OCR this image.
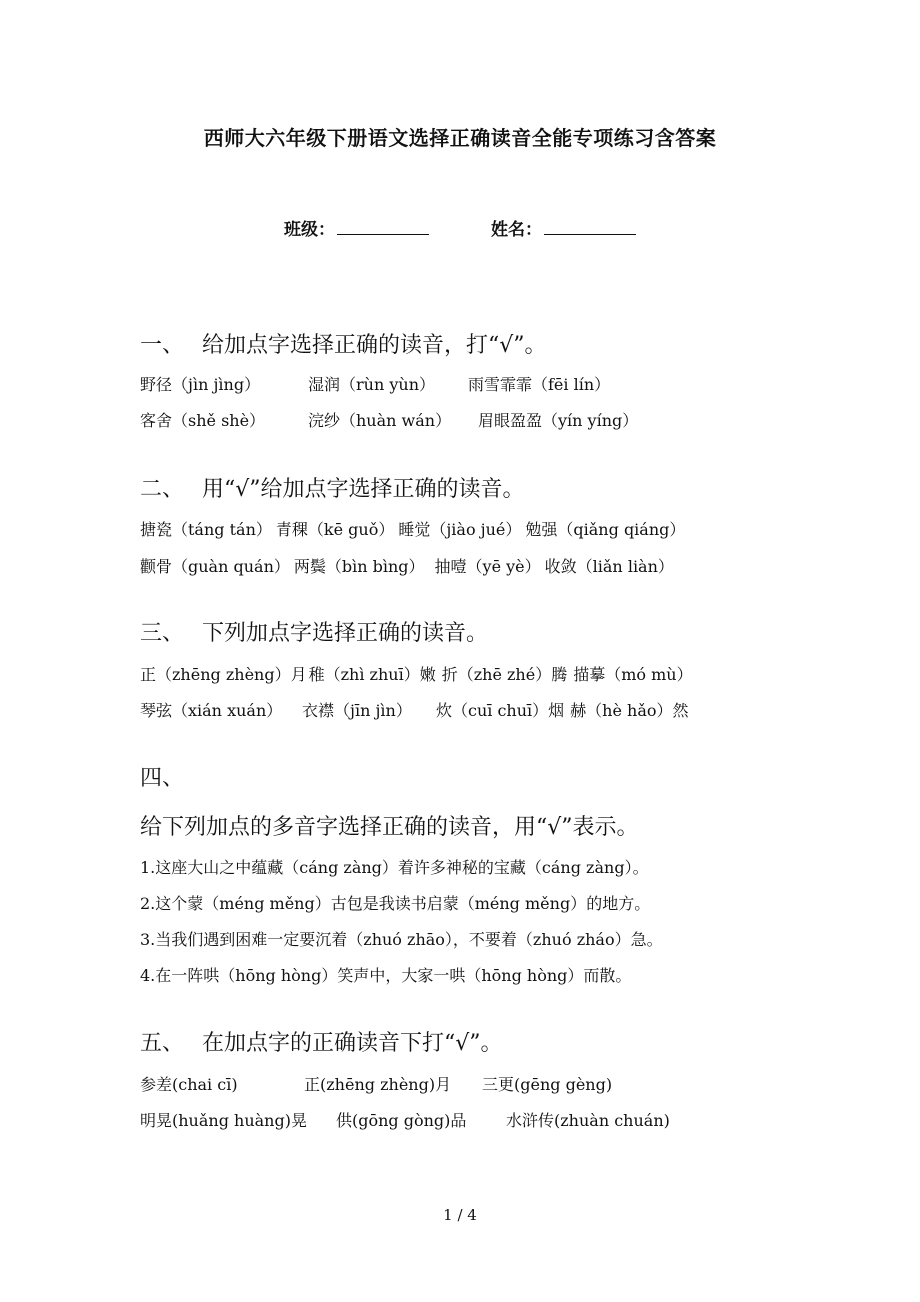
西师大六年级下册语文选择正确读音全能专项练习含答案
班级：	姓名：
一、 给加点字选择正确的读音，打“√”。
野径（jìn jìng）	湿润（rùn yùn） 雨雪霏霏（fēi lín）
客舍（shě shè）	浣纱（huàn wán） 眉眼盈盈（yín yíng）
二、 用“√”给加点字选择正确的读音。
搪瓷（táng tán） 青稞（kē guǒ） 睡觉（jiào jué） 勉强（qiǎng qiáng）
颧骨（guàn quán） 两鬓（bìn bìng） 抽噎（yē yè） 收敛（liǎn liàn）
三、 下列加点字选择正确的读音。
正（zhēng zhèng）月 稚（zhì zhuī）嫩 折（zhē zhé）腾 描摹（mó mù）
琴弦（xián xuán） 衣襟（jīn jìn） 炊（cuī chuī）烟 赫（hè hǎo）然
四、
给下列加点的多音字选择正确的读音，用“√”表示。
1.这座大山之中蕴藏（cáng zàng）着许多神秘的宝藏（cáng zàng）。
2.这个蒙（méng měng）古包是我读书启蒙（méng měng）的地方。
3.当我们遇到困难一定要沉着（zhuó zhāo），不要着（zhuó zháo）急。
4.在一阵哄（hōng hòng）笑声中，大家一哄（hōng hòng）而散。
五、 在加点字的正确读音下打“√”。
参差(chai cī)	正(zhēng zhèng)月 三更(gēng gèng)
明晃(huǎng huàng)晃 供(gōng gòng)品 水浒传(zhuàn chuán)
1 / 4
